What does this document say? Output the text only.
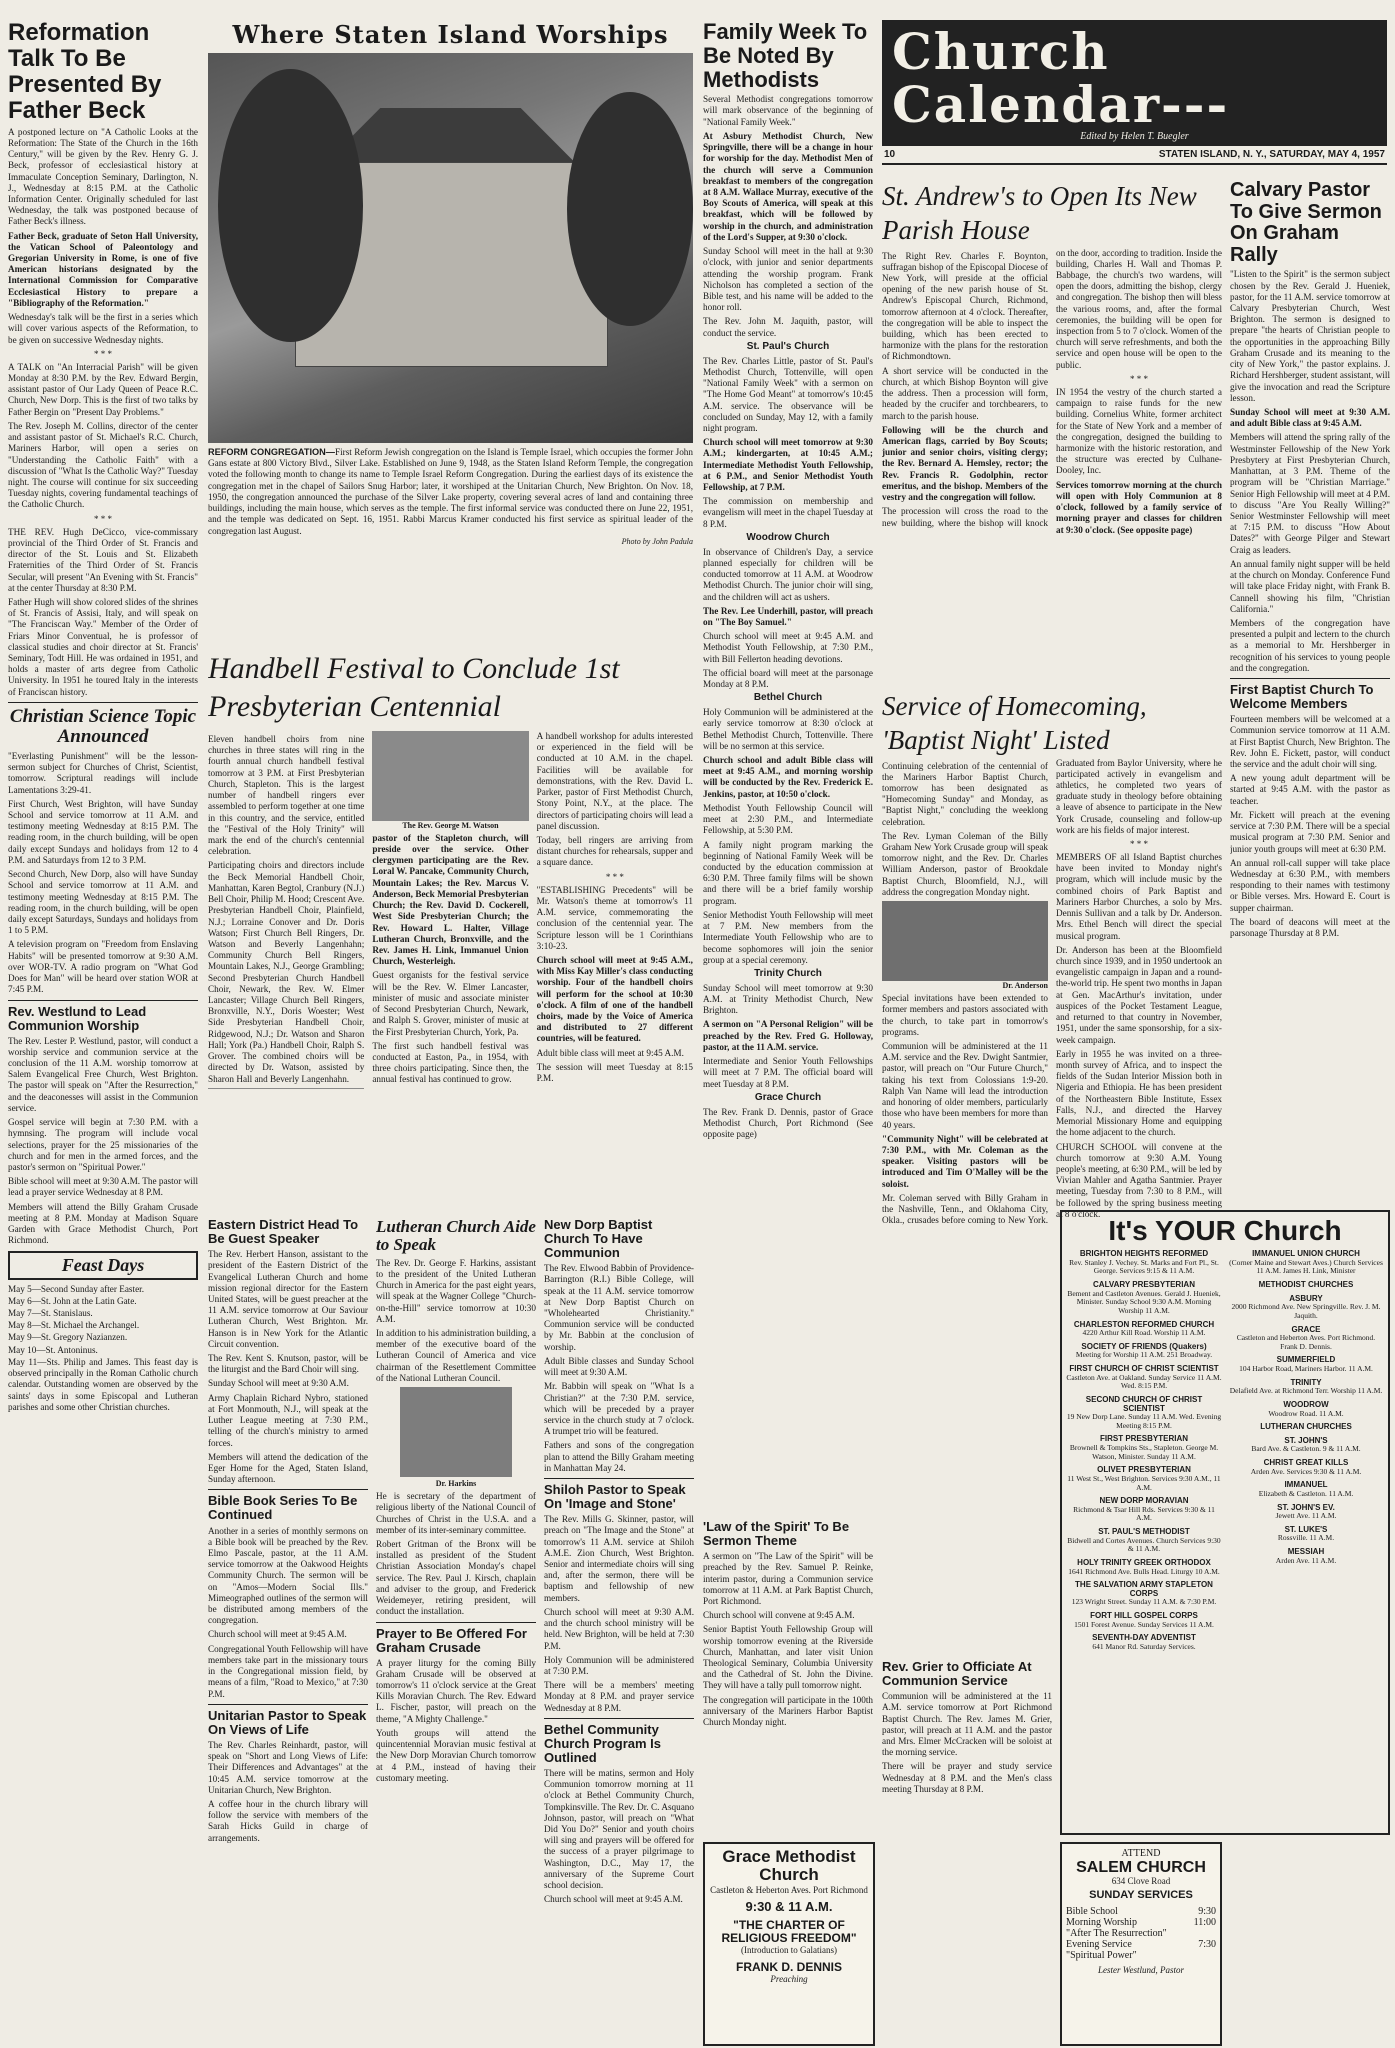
Reformation Talk To Be Presented By Father Beck

A postponed lecture on "A Catholic Looks at the Reformation: The State of the Church in the 16th Century," will be given by the Rev. Henry G. J. Beck, professor of ecclesiastical history at Immaculate Conception Seminary, Darlington, N. J., Wednesday at 8:15 P.M. at the Catholic Information Center. Originally scheduled for last Wednesday, the talk was postponed because of Father Beck's illness.

Father Beck, graduate of Seton Hall University, the Vatican School of Paleontology and Gregorian University in Rome, is one of five American historians designated by the International Commission for Comparative Ecclesiastical History to prepare a "Bibliography of the Reformation."

Wednesday's talk will be the first in a series which will cover various aspects of the Reformation, to be given on successive Wednesday nights.

* * *

A TALK on "An Interracial Parish" will be given Monday at 8:30 P.M. by the Rev. Edward Bergin, assistant pastor of Our Lady Queen of Peace R.C. Church, New Dorp. This is the first of two talks by Father Bergin on "Present Day Problems."

The Rev. Joseph M. Collins, director of the center and assistant pastor of St. Michael's R.C. Church, Mariners Harbor, will open a series on "Understanding the Catholic Faith" with a discussion of "What Is the Catholic Way?" Tuesday night. The course will continue for six succeeding Tuesday nights, covering fundamental teachings of the Catholic Church.

* * *

THE REV. Hugh DeCicco, vice-commissary provincial of the Third Order of St. Francis and director of the St. Louis and St. Elizabeth Fraternities of the Third Order of St. Francis Secular, will present "An Evening with St. Francis" at the center Thursday at 8:30 P.M.

Father Hugh will show colored slides of the shrines of St. Francis of Assisi, Italy, and will speak on "The Franciscan Way." Member of the Order of Friars Minor Conventual, he is professor of classical studies and choir director at St. Francis' Seminary, Todt Hill. He was ordained in 1951, and holds a master of arts degree from Catholic University. In 1951 he toured Italy in the interests of Franciscan history.

Christian Science Topic Announced

"Everlasting Punishment" will be the lesson-sermon subject for Churches of Christ, Scientist, tomorrow. Scriptural readings will include Lamentations 3:29-41.

First Church, West Brighton, will have Sunday School and service tomorrow at 11 A.M. and testimony meeting Wednesday at 8:15 P.M. The reading room, in the church building, will be open daily except Sundays and holidays from 12 to 4 P.M. and Saturdays from 12 to 3 P.M.

Second Church, New Dorp, also will have Sunday School and service tomorrow at 11 A.M. and testimony meeting Wednesday at 8:15 P.M. The reading room, in the church building, will be open daily except Saturdays, Sundays and holidays from 1 to 5 P.M.

A television program on "Freedom from Enslaving Habits" will be presented tomorrow at 9:30 A.M. over WOR-TV. A radio program on "What God Does for Man" will be heard over station WOR at 7:45 P.M.

Rev. Westlund to Lead Communion Worship

The Rev. Lester P. Westlund, pastor, will conduct a worship service and communion service at the conclusion of the 11 A.M. worship tomorrow at Salem Evangelical Free Church, West Brighton. The pastor will speak on "After the Resurrection," and the deaconesses will assist in the Communion service.

Gospel service will begin at 7:30 P.M. with a hymnsing. The program will include vocal selections, prayer for the 25 missionaries of the church and for men in the armed forces, and the pastor's sermon on "Spiritual Power."

Bible school will meet at 9:30 A.M. The pastor will lead a prayer service Wednesday at 8 P.M.

Members will attend the Billy Graham Crusade meeting at 8 P.M. Monday at Madison Square Garden with Grace Methodist Church, Port Richmond.

Feast Days

May 5—Second Sunday after Easter.

May 6—St. John at the Latin Gate.

May 7—St. Stanislaus.

May 8—St. Michael the Archangel.

May 9—St. Gregory Nazianzen.

May 10—St. Antoninus.

May 11—Sts. Philip and James. This feast day is observed principally in the Roman Catholic church calendar. Outstanding women are observed by the saints' days in some Episcopal and Lutheran parishes and some other Christian churches.

Where Staten Island Worships

REFORM CONGREGATION—First Reform Jewish congregation on the Island is Temple Israel, which occupies the former John Gans estate at 800 Victory Blvd., Silver Lake. Established on June 9, 1948, as the Staten Island Reform Temple, the congregation voted the following month to change its name to Temple Israel Reform Congregation. During the earliest days of its existence the congregation met in the chapel of Sailors Snug Harbor; later, it worshiped at the Unitarian Church, New Brighton. On Nov. 18, 1950, the congregation announced the purchase of the Silver Lake property, covering several acres of land and containing three buildings, including the main house, which serves as the temple. The first informal service was conducted there on June 22, 1951, and the temple was dedicated on Sept. 16, 1951. Rabbi Marcus Kramer conducted his first service as spiritual leader of the congregation last August.

Photo by John Padula
Handbell Festival to Conclude 1st Presbyterian Centennial

Eleven handbell choirs from nine churches in three states will ring in the fourth annual church handbell festival tomorrow at 3 P.M. at First Presbyterian Church, Stapleton. This is the largest number of handbell ringers ever assembled to perform together at one time in this country, and the service, entitled the "Festival of the Holy Trinity" will mark the end of the church's centennial celebration.

Participating choirs and directors include the Beck Memorial Handbell Choir, Manhattan, Karen Begtol, Cranbury (N.J.) Bell Choir, Philip M. Hood; Crescent Ave. Presbyterian Handbell Choir, Plainfield, N.J.; Lorraine Conover and Dr. Doris Watson; First Church Bell Ringers, Dr. Watson and Beverly Langenhahn; Community Church Bell Ringers, Mountain Lakes, N.J., George Grambling; Second Presbyterian Church Handbell Choir, Newark, the Rev. W. Elmer Lancaster; Village Church Bell Ringers, Bronxville, N.Y., Doris Woester; West Side Presbyterian Handbell Choir, Ridgewood, N.J.; Dr. Watson and Sharon Hall; York (Pa.) Handbell Choir, Ralph S. Grover. The combined choirs will be directed by Dr. Watson, assisted by Sharon Hall and Beverly Langenhahn.

The Rev. George M. Watson

pastor of the Stapleton church, will preside over the service. Other clergymen participating are the Rev. Loral W. Pancake, Community Church, Mountain Lakes; the Rev. Marcus V. Anderson, Beck Memorial Presbyterian Church; the Rev. David D. Cockerell, West Side Presbyterian Church; the Rev. Howard L. Halter, Village Lutheran Church, Bronxville, and the Rev. James H. Link, Immanuel Union Church, Westerleigh.

Guest organists for the festival service will be the Rev. W. Elmer Lancaster, minister of music and associate minister of Second Presbyterian Church, Newark, and Ralph S. Grover, minister of music at the First Presbyterian Church, York, Pa.

The first such handbell festival was conducted at Easton, Pa., in 1954, with three choirs participating. Since then, the annual festival has continued to grow.

A handbell workshop for adults interested or experienced in the field will be conducted at 10 A.M. in the chapel. Facilities will be available for demonstrations, with the Rev. David L. Parker, pastor of First Methodist Church, Stony Point, N.Y., at the place. The directors of participating choirs will lead a panel discussion.

Today, bell ringers are arriving from distant churches for rehearsals, supper and a square dance.

* * *

"ESTABLISHING Precedents" will be Mr. Watson's theme at tomorrow's 11 A.M. service, commemorating the conclusion of the centennial year. The Scripture lesson will be 1 Corinthians 3:10-23.

Church school will meet at 9:45 A.M., with Miss Kay Miller's class conducting worship. Four of the handbell choirs will perform for the school at 10:30 o'clock. A film of one of the handbell choirs, made by the Voice of America and distributed to 27 different countries, will be featured.

Adult bible class will meet at 9:45 A.M.

The session will meet Tuesday at 8:15 P.M.

Eastern District Head To Be Guest Speaker

The Rev. Herbert Hanson, assistant to the president of the Eastern District of the Evangelical Lutheran Church and home mission regional director for the Eastern United States, will be guest preacher at the 11 A.M. service tomorrow at Our Saviour Lutheran Church, West Brighton. Mr. Hanson is in New York for the Atlantic Circuit convention.

The Rev. Kent S. Knutson, pastor, will be the liturgist and the Bard Choir will sing.

Sunday School will meet at 9:30 A.M.

Army Chaplain Richard Nybro, stationed at Fort Monmouth, N.J., will speak at the Luther League meeting at 7:30 P.M., telling of the church's ministry to armed forces.

Members will attend the dedication of the Eger Home for the Aged, Staten Island, Sunday afternoon.

Bible Book Series To Be Continued

Another in a series of monthly sermons on a Bible book will be preached by the Rev. Elmo Pascale, pastor, at the 11 A.M. service tomorrow at the Oakwood Heights Community Church. The sermon will be on "Amos—Modern Social Ills." Mimeographed outlines of the sermon will be distributed among members of the congregation.

Church school will meet at 9:45 A.M.

Congregational Youth Fellowship will have members take part in the missionary tours in the Congregational mission field, by means of a film, "Road to Mexico," at 7:30 P.M.

Unitarian Pastor to Speak On Views of Life

The Rev. Charles Reinhardt, pastor, will speak on "Short and Long Views of Life: Their Differences and Advantages" at the 10:45 A.M. service tomorrow at the Unitarian Church, New Brighton.

A coffee hour in the church library will follow the service with members of the Sarah Hicks Guild in charge of arrangements.

Lutheran Church Aide to Speak

The Rev. Dr. George F. Harkins, assistant to the president of the United Lutheran Church in America for the past eight years, will speak at the Wagner College "Church-on-the-Hill" service tomorrow at 10:30 A.M.

In addition to his administration building, a member of the executive board of the Lutheran Council of America and vice chairman of the Resettlement Committee of the National Lutheran Council.

Dr. Harkins

He is secretary of the department of religious liberty of the National Council of Churches of Christ in the U.S.A. and a member of its inter-seminary committee.

Robert Gritman of the Bronx will be installed as president of the Student Christian Association Monday's chapel service. The Rev. Paul J. Kirsch, chaplain and adviser to the group, and Frederick Weidemeyer, retiring president, will conduct the installation.

Prayer to Be Offered For Graham Crusade

A prayer liturgy for the coming Billy Graham Crusade will be observed at tomorrow's 11 o'clock service at the Great Kills Moravian Church. The Rev. Edward L. Fischer, pastor, will preach on the theme, "A Mighty Challenge."

Youth groups will attend the quincentennial Moravian music festival at the New Dorp Moravian Church tomorrow at 4 P.M., instead of having their customary meeting.

New Dorp Baptist Church To Have Communion

The Rev. Elwood Babbin of Providence-Barrington (R.I.) Bible College, will speak at the 11 A.M. service tomorrow at New Dorp Baptist Church on "Wholehearted Christianity." Communion service will be conducted by Mr. Babbin at the conclusion of worship.

Adult Bible classes and Sunday School will meet at 9:30 A.M.

Mr. Babbin will speak on "What Is a Christian?" at the 7:30 P.M. service, which will be preceded by a prayer service in the church study at 7 o'clock. A trumpet trio will be featured.

Fathers and sons of the congregation plan to attend the Billy Graham meeting in Manhattan May 24.

Shiloh Pastor to Speak On 'Image and Stone'

The Rev. Mills G. Skinner, pastor, will preach on "The Image and the Stone" at tomorrow's 11 A.M. service at Shiloh A.M.E. Zion Church, West Brighton. Senior and intermediate choirs will sing and, after the sermon, there will be baptism and fellowship of new members.

Church school will meet at 9:30 A.M. and the church school ministry will be held. New Brighton, will be held at 7:30 P.M.

Holy Communion will be administered at 7:30 P.M.

There will be a members' meeting Monday at 8 P.M. and prayer service Wednesday at 8 P.M.

Bethel Community Church Program Is Outlined

There will be matins, sermon and Holy Communion tomorrow morning at 11 o'clock at Bethel Community Church, Tompkinsville. The Rev. Dr. C. Asquano Johnson, pastor, will preach on "What Did You Do?" Senior and youth choirs will sing and prayers will be offered for the success of a prayer pilgrimage to Washington, D.C., May 17, the anniversary of the Supreme Court school decision.

Church school will meet at 9:45 A.M.

Family Week To Be Noted By Methodists

Several Methodist congregations tomorrow will mark observance of the beginning of "National Family Week."

At Asbury Methodist Church, New Springville, there will be a change in hour for worship for the day. Methodist Men of the church will serve a Communion breakfast to members of the congregation at 8 A.M. Wallace Murray, executive of the Boy Scouts of America, will speak at this breakfast, which will be followed by worship in the church, and administration of the Lord's Supper, at 9:30 o'clock.

Sunday School will meet in the hall at 9:30 o'clock, with junior and senior departments attending the worship program. Frank Nicholson has completed a section of the Bible test, and his name will be added to the honor roll.

The Rev. John M. Jaquith, pastor, will conduct the service.

St. Paul's Church

The Rev. Charles Little, pastor of St. Paul's Methodist Church, Tottenville, will open "National Family Week" with a sermon on "The Home God Meant" at tomorrow's 10:45 A.M. service. The observance will be concluded on Sunday, May 12, with a family night program.

Church school will meet tomorrow at 9:30 A.M.; kindergarten, at 10:45 A.M.; Intermediate Methodist Youth Fellowship, at 6 P.M., and Senior Methodist Youth Fellowship, at 7 P.M.

The commission on membership and evangelism will meet in the chapel Tuesday at 8 P.M.

Woodrow Church

In observance of Children's Day, a service planned especially for children will be conducted tomorrow at 11 A.M. at Woodrow Methodist Church. The junior choir will sing, and the children will act as ushers.

The Rev. Lee Underhill, pastor, will preach on "The Boy Samuel."

Church school will meet at 9:45 A.M. and Methodist Youth Fellowship, at 7:30 P.M., with Bill Fellerton heading devotions.

The official board will meet at the parsonage Monday at 8 P.M.

Bethel Church

Holy Communion will be administered at the early service tomorrow at 8:30 o'clock at Bethel Methodist Church, Tottenville. There will be no sermon at this service.

Church school and adult Bible class will meet at 9:45 A.M., and morning worship will be conducted by the Rev. Frederick E. Jenkins, pastor, at 10:50 o'clock.

Methodist Youth Fellowship Council will meet at 2:30 P.M., and Intermediate Fellowship, at 5:30 P.M.

A family night program marking the beginning of National Family Week will be conducted by the education commission at 6:30 P.M. Three family films will be shown and there will be a brief family worship program.

Senior Methodist Youth Fellowship will meet at 7 P.M. New members from the Intermediate Youth Fellowship who are to become sophomores will join the senior group at a special ceremony.

Trinity Church

Sunday School will meet tomorrow at 9:30 A.M. at Trinity Methodist Church, New Brighton.

A sermon on "A Personal Religion" will be preached by the Rev. Fred G. Holloway, pastor, at the 11 A.M. service.

Intermediate and Senior Youth Fellowships will meet at 7 P.M. The official board will meet Tuesday at 8 P.M.

Grace Church

The Rev. Frank D. Dennis, pastor of Grace Methodist Church, Port Richmond (See opposite page)

'Law of the Spirit' To Be Sermon Theme

A sermon on "The Law of the Spirit" will be preached by the Rev. Samuel P. Reinke, interim pastor, during a Communion service tomorrow at 11 A.M. at Park Baptist Church, Port Richmond.

Church school will convene at 9:45 A.M.

Senior Baptist Youth Fellowship Group will worship tomorrow evening at the Riverside Church, Manhattan, and later visit Union Theological Seminary, Columbia University and the Cathedral of St. John the Divine. They will have a tally pull tomorrow night.

The congregation will participate in the 100th anniversary of the Mariners Harbor Baptist Church Monday night.

Grace Methodist Church
Castleton & Heberton Aves. Port Richmond
9:30 & 11 A.M.
"THE CHARTER OF RELIGIOUS FREEDOM"
(Introduction to Galatians)
FRANK D. DENNIS
Preaching
Church Calendar---
Edited by Helen T. Buegler
10	STATEN ISLAND, N. Y., SATURDAY, MAY 4, 1957
St. Andrew's to Open Its New Parish House

The Right Rev. Charles F. Boynton, suffragan bishop of the Episcopal Diocese of New York, will preside at the official opening of the new parish house of St. Andrew's Episcopal Church, Richmond, tomorrow afternoon at 4 o'clock. Thereafter, the congregation will be able to inspect the building, which has been erected to harmonize with the plans for the restoration of Richmondtown.

A short service will be conducted in the church, at which Bishop Boynton will give the address. Then a procession will form, headed by the crucifer and torchbearers, to march to the parish house.

Following will be the church and American flags, carried by Boy Scouts; junior and senior choirs, visiting clergy; the Rev. Bernard A. Hemsley, rector; the Rev. Francis R. Godolphin, rector emeritus, and the bishop. Members of the vestry and the congregation will follow.

The procession will cross the road to the new building, where the bishop will knock on the door, according to tradition. Inside the building, Charles H. Wall and Thomas P. Babbage, the church's two wardens, will open the doors, admitting the bishop, clergy and congregation. The bishop then will bless the various rooms, and, after the formal ceremonies, the building will be open for inspection from 5 to 7 o'clock. Women of the church will serve refreshments, and both the service and open house will be open to the public.

* * *

IN 1954 the vestry of the church started a campaign to raise funds for the new building. Cornelius White, former architect for the State of New York and a member of the congregation, designed the building to harmonize with the historic restoration, and the structure was erected by Culhane-Dooley, Inc.

Services tomorrow morning at the church will open with Holy Communion at 8 o'clock, followed by a family service of morning prayer and classes for children at 9:30 o'clock. (See opposite page)

Service of Homecoming, 'Baptist Night' Listed

Continuing celebration of the centennial of the Mariners Harbor Baptist Church, tomorrow has been designated as "Homecoming Sunday" and Monday, as "Baptist Night," concluding the weeklong celebration.

The Rev. Lyman Coleman of the Billy Graham New York Crusade group will speak tomorrow night, and the Rev. Dr. Charles William Anderson, pastor of Brookdale Baptist Church, Bloomfield, N.J., will address the congregation Monday night.

Dr. Anderson

Special invitations have been extended to former members and pastors associated with the church, to take part in tomorrow's programs.

Communion will be administered at the 11 A.M. service and the Rev. Dwight Santmier, pastor, will preach on "Our Future Church," taking his text from Colossians 1:9-20. Ralph Van Name will lead the introduction and honoring of older members, particularly those who have been members for more than 40 years.

"Community Night" will be celebrated at 7:30 P.M., with Mr. Coleman as the speaker. Visiting pastors will be introduced and Tim O'Malley will be the soloist.

Mr. Coleman served with Billy Graham in the Nashville, Tenn., and Oklahoma City, Okla., crusades before coming to New York. Graduated from Baylor University, where he participated actively in evangelism and athletics, he completed two years of graduate study in theology before obtaining a leave of absence to participate in the New York Crusade, counseling and follow-up work are his fields of major interest.

* * *

MEMBERS OF all Island Baptist churches have been invited to Monday night's program, which will include music by the combined choirs of Park Baptist and Mariners Harbor Churches, a solo by Mrs. Dennis Sullivan and a talk by Dr. Anderson. Mrs. Ethel Bench will direct the special musical program.

Dr. Anderson has been at the Bloomfield church since 1939, and in 1950 undertook an evangelistic campaign in Japan and a round-the-world trip. He spent two months in Japan at Gen. MacArthur's invitation, under auspices of the Pocket Testament League, and returned to that country in November, 1951, under the same sponsorship, for a six-week campaign.

Early in 1955 he was invited on a three-month survey of Africa, and to inspect the fields of the Sudan Interior Mission both in Nigeria and Ethiopia. He has been president of the Northeastern Bible Institute, Essex Falls, N.J., and directed the Harvey Memorial Missionary Home and equipping the home adjacent to the church.

CHURCH SCHOOL will convene at the church tomorrow at 9:30 A.M. Young people's meeting, at 6:30 P.M., will be led by Vivian Mahler and Agatha Santmier. Prayer meeting, Tuesday from 7:30 to 8 P.M., will be followed by the spring business meeting at 8 o'clock.

Rev. Grier to Officiate At Communion Service

Communion will be administered at the 11 A.M. service tomorrow at Port Richmond Baptist Church. The Rev. James M. Grier, pastor, will preach at 11 A.M. and the pastor and Mrs. Elmer McCracken will be soloist at the morning service.

There will be prayer and study service Wednesday at 8 P.M. and the Men's class meeting Thursday at 8 P.M.

ATTEND
SALEM CHURCH
634 Clove Road
SUNDAY SERVICES
Bible School	9:30
Morning Worship	11:00
"After The Resurrection"
Evening Service	7:30
"Spiritual Power"
Lester Westlund, Pastor
Calvary Pastor To Give Sermon On Graham Rally

"Listen to the Spirit" is the sermon subject chosen by the Rev. Gerald J. Hueniek, pastor, for the 11 A.M. service tomorrow at Calvary Presbyterian Church, West Brighton. The sermon is designed to prepare "the hearts of Christian people to the opportunities in the approaching Billy Graham Crusade and its meaning to the city of New York," the pastor explains. J. Richard Hershberger, student assistant, will give the invocation and read the Scripture lesson.

Sunday School will meet at 9:30 A.M. and adult Bible class at 9:45 A.M.

Members will attend the spring rally of the Westminster Fellowship of the New York Presbytery at First Presbyterian Church, Manhattan, at 3 P.M. Theme of the program will be "Christian Marriage." Senior High Fellowship will meet at 4 P.M. to discuss "Are You Really Willing?" Senior Westminster Fellowship will meet at 7:15 P.M. to discuss "How About Dates?" with George Pilger and Stewart Craig as leaders.

An annual family night supper will be held at the church on Monday. Conference Fund will take place Friday night, with Frank B. Cannell showing his film, "Christian California."

Members of the congregation have presented a pulpit and lectern to the church as a memorial to Mr. Hershberger in recognition of his services to young people and the congregation.

First Baptist Church To Welcome Members

Fourteen members will be welcomed at a Communion service tomorrow at 11 A.M. at First Baptist Church, New Brighton. The Rev. John E. Fickett, pastor, will conduct the service and the adult choir will sing.

A new young adult department will be started at 9:45 A.M. with the pastor as teacher.

Mr. Fickett will preach at the evening service at 7:30 P.M. There will be a special musical program at 7:30 P.M. Senior and junior youth groups will meet at 6:30 P.M.

An annual roll-call supper will take place Wednesday at 6:30 P.M., with members responding to their names with testimony or Bible verses. Mrs. Howard E. Court is supper chairman.

The board of deacons will meet at the parsonage Thursday at 8 P.M.

It's YOUR Church
BRIGHTON HEIGHTS REFORMED
Rev. Stanley J. Vechey. St. Marks and Fort Pl., St. George. Services 9:15 & 11 A.M.
CALVARY PRESBYTERIAN
Bement and Castleton Avenues. Gerald J. Hueniek, Minister. Sunday School 9:30 A.M. Morning Worship 11 A.M.
CHARLESTON REFORMED CHURCH
4220 Arthur Kill Road. Worship 11 A.M.
SOCIETY OF FRIENDS (Quakers)
Meeting for Worship 11 A.M. 251 Broadway.
FIRST CHURCH OF CHRIST SCIENTIST
Castleton Ave. at Oakland. Sunday Service 11 A.M. Wed. 8:15 P.M.
SECOND CHURCH OF CHRIST SCIENTIST
19 New Dorp Lane. Sunday 11 A.M. Wed. Evening Meeting 8:15 P.M.
FIRST PRESBYTERIAN
Brownell & Tompkins Sts., Stapleton. George M. Watson, Minister. Sunday 11 A.M.
OLIVET PRESBYTERIAN
11 West St., West Brighton. Services 9:30 A.M., 11 A.M.
NEW DORP MORAVIAN
Richmond & Tsar Hill Rds. Services 9:30 & 11 A.M.
ST. PAUL'S METHODIST
Bidwell and Cortes Avenues. Church Services 9:30 & 11 A.M.
HOLY TRINITY GREEK ORTHODOX
1641 Richmond Ave. Bulls Head. Liturgy 10 A.M.
THE SALVATION ARMY STAPLETON CORPS
123 Wright Street. Sunday 11 A.M. & 7:30 P.M.
FORT HILL GOSPEL CORPS
1501 Forest Avenue. Sunday Services 11 A.M.
SEVENTH-DAY ADVENTIST
641 Manor Rd. Saturday Services.
IMMANUEL UNION CHURCH
(Corner Maine and Stewart Aves.) Church Services 11 A.M. James H. Link, Minister
METHODIST CHURCHES
ASBURY
2000 Richmond Ave. New Springville. Rev. J. M. Jaquith.
GRACE
Castleton and Heberton Aves. Port Richmond. Frank D. Dennis.
SUMMERFIELD
104 Harbor Road, Mariners Harbor. 11 A.M.
TRINITY
Delafield Ave. at Richmond Terr. Worship 11 A.M.
WOODROW
Woodrow Road. 11 A.M.
LUTHERAN CHURCHES
ST. JOHN'S
Bard Ave. & Castleton. 9 & 11 A.M.
CHRIST GREAT KILLS
Arden Ave. Services 9:30 & 11 A.M.
IMMANUEL
Elizabeth & Castleton. 11 A.M.
ST. JOHN'S EV.
Jewett Ave. 11 A.M.
ST. LUKE'S
Rossville. 11 A.M.
MESSIAH
Arden Ave. 11 A.M.
